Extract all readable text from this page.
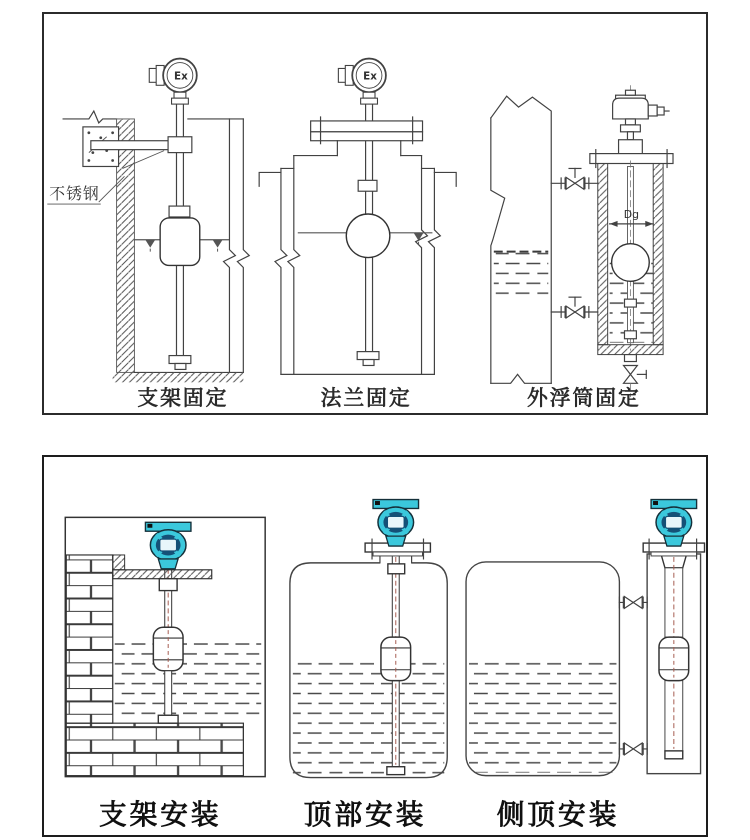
不锈钢
Ex	Ex
Dg
支架固定	法兰固定	外浮筒固定
支架安装	顶部安装	侧顶安装
